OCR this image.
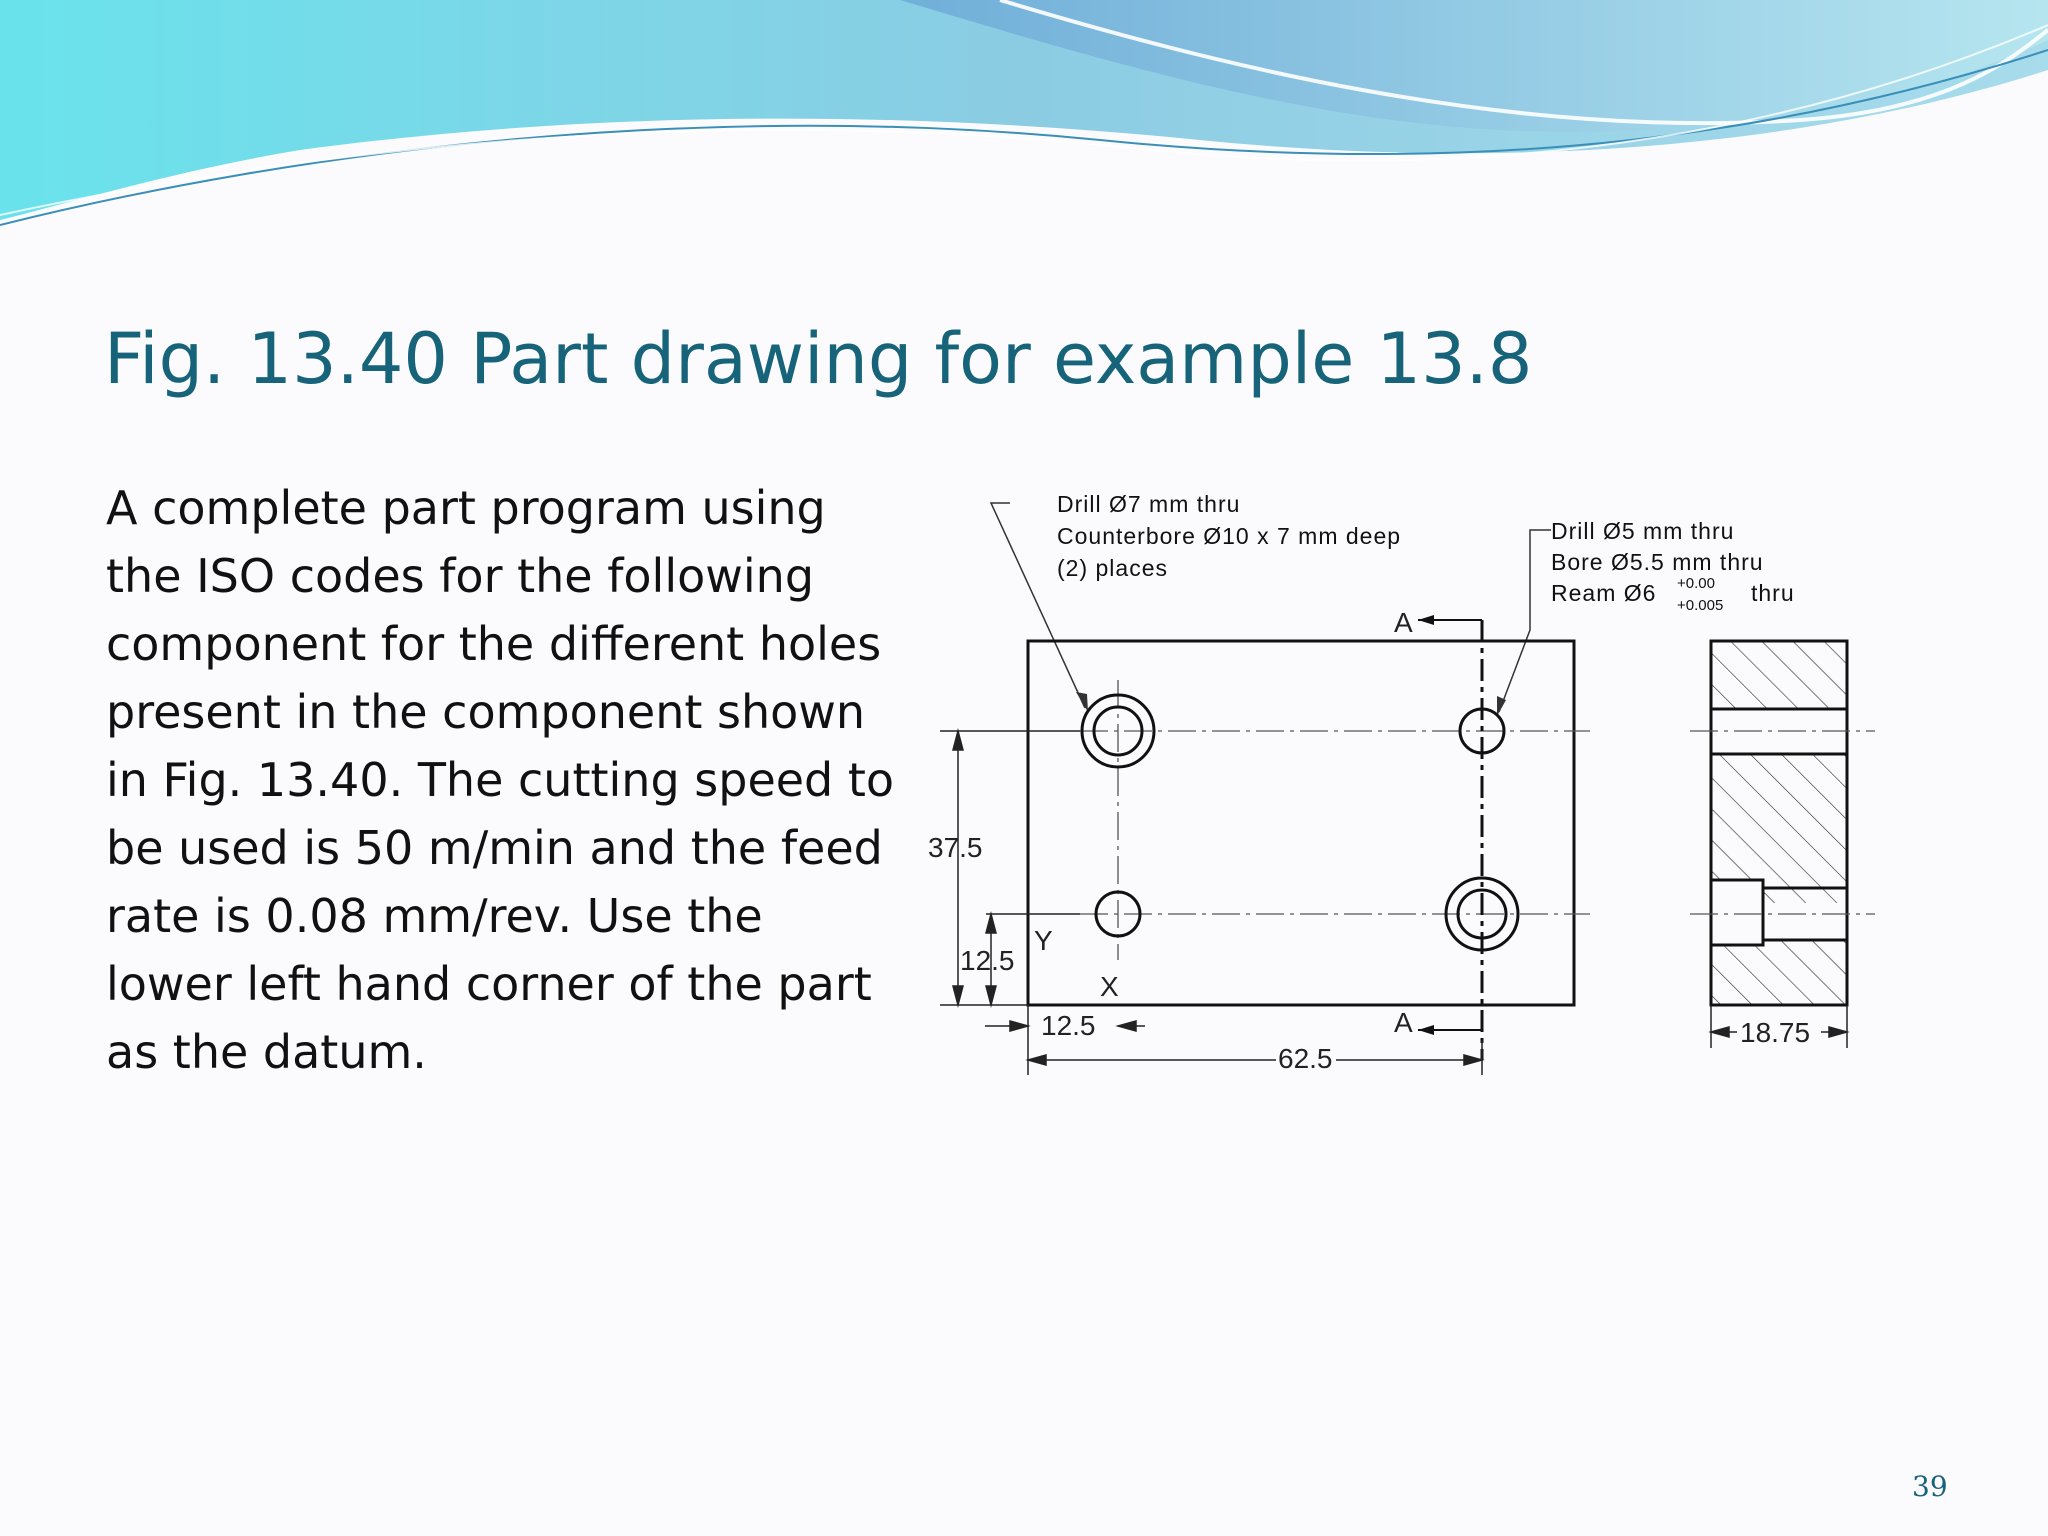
Fig. 13.40 Part drawing for example 13.8

A complete part program using the ISO codes for the following component for the different holes present in the component shown in Fig. 13.40. The cutting speed to be used is 50 m/min and the feed rate is 0.08 mm/rev. Use the lower left hand corner of the part as the datum.

Drill Ø7 mm thru
Counterbore Ø10 x 7 mm deep
(2) places
Drill Ø5 mm thru
Bore Ø5.5 mm thru
Ream Ø6 +0.00
+0.005 thru
A
A
37.5
12.5
Y
X
12.5
62.5
18.75
39
